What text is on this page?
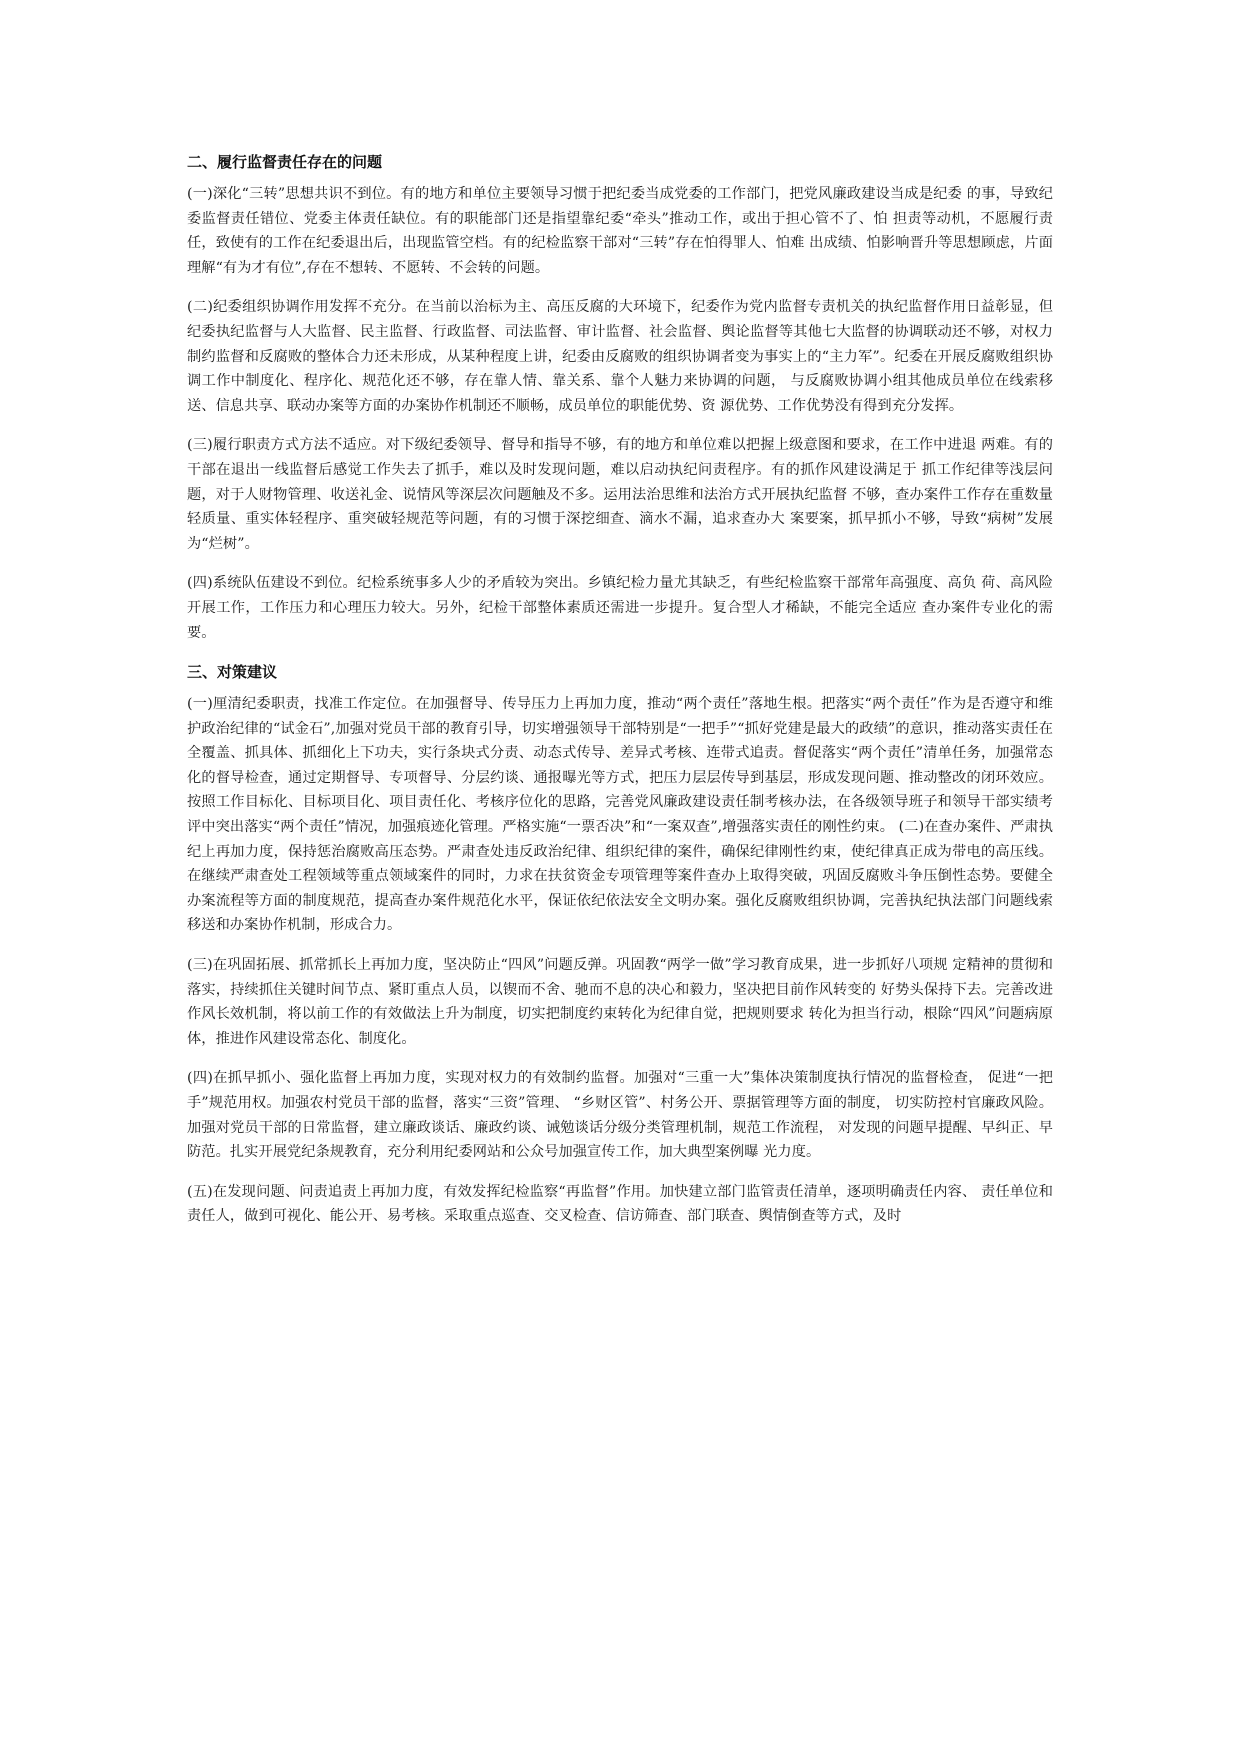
二、履行监督责任存在的问题

(一)深化“三转”思想共识不到位。有的地方和单位主要领导习惯于把纪委当成党委的工作部门，把党风廉政建设当成是纪委 的事，导致纪委监督责任错位、党委主体责任缺位。有的职能部门还是指望靠纪委“牵头”推动工作，或出于担心管不了、怕 担责等动机，不愿履行责任，致使有的工作在纪委退出后，出现监管空档。有的纪检监察干部对“三转”存在怕得罪人、怕难 出成绩、怕影响晋升等思想顾虑，片面理解“有为才有位”,存在不想转、不愿转、不会转的问题。

(二)纪委组织协调作用发挥不充分。在当前以治标为主、高压反腐的大环境下，纪委作为党内监督专责机关的执纪监督作用日益彰显，但纪委执纪监督与人大监督、民主监督、行政监督、司法监督、审计监督、社会监督、舆论监督等其他七大监督的协调联动还不够，对权力制约监督和反腐败的整体合力还未形成，从某种程度上讲，纪委由反腐败的组织协调者变为事实上的“主力军”。纪委在开展反腐败组织协调工作中制度化、程序化、规范化还不够，存在靠人情、靠关系、靠个人魅力来协调的问题， 与反腐败协调小组其他成员单位在线索移送、信息共享、联动办案等方面的办案协作机制还不顺畅，成员单位的职能优势、资 源优势、工作优势没有得到充分发挥。

(三)履行职责方式方法不适应。对下级纪委领导、督导和指导不够，有的地方和单位难以把握上级意图和要求，在工作中进退 两难。有的干部在退出一线监督后感觉工作失去了抓手，难以及时发现问题，难以启动执纪问责程序。有的抓作风建设满足于 抓工作纪律等浅层问题，对于人财物管理、收送礼金、说情风等深层次问题触及不多。运用法治思维和法治方式开展执纪监督 不够，查办案件工作存在重数量轻质量、重实体轻程序、重突破轻规范等问题，有的习惯于深挖细查、滴水不漏，追求查办大 案要案，抓早抓小不够，导致“病树”发展为“烂树”。

(四)系统队伍建设不到位。纪检系统事多人少的矛盾较为突出。乡镇纪检力量尤其缺乏，有些纪检监察干部常年高强度、高负 荷、高风险开展工作，工作压力和心理压力较大。另外，纪检干部整体素质还需进一步提升。复合型人才稀缺，不能完全适应 查办案件专业化的需要。

三、对策建议

(一)厘清纪委职责，找准工作定位。在加强督导、传导压力上再加力度，推动“两个责任”落地生根。把落实“两个责任”作为是否遵守和维护政治纪律的“试金石”,加强对党员干部的教育引导，切实增强领导干部特别是“一把手”“抓好党建是最大的政绩”的意识，推动落实责任在全覆盖、抓具体、抓细化上下功夫，实行条块式分责、动态式传导、差异式考核、连带式追责。督促落实“两个责任”清单任务，加强常态化的督导检查，通过定期督导、专项督导、分层约谈、通报曝光等方式，把压力层层传导到基层，形成发现问题、推动整改的闭环效应。按照工作目标化、目标项目化、项目责任化、考核序位化的思路，完善党风廉政建设责任制考核办法，在各级领导班子和领导干部实绩考评中突出落实“两个责任”情况，加强痕迹化管理。严格实施“一票否决”和“一案双查”,增强落实责任的刚性约束。 (二)在查办案件、严肃执纪上再加力度，保持惩治腐败高压态势。严肃查处违反政治纪律、组织纪律的案件，确保纪律刚性约束，使纪律真正成为带电的高压线。在继续严肃查处工程领域等重点领域案件的同时，力求在扶贫资金专项管理等案件查办上取得突破，巩固反腐败斗争压倒性态势。要健全办案流程等方面的制度规范，提高查办案件规范化水平，保证依纪依法安全文明办案。强化反腐败组织协调，完善执纪执法部门问题线索移送和办案协作机制，形成合力。

(三)在巩固拓展、抓常抓长上再加力度，坚决防止“四风”问题反弹。巩固教“两学一做”学习教育成果，进一步抓好八项规 定精神的贯彻和落实，持续抓住关键时间节点、紧盯重点人员，以锲而不舍、驰而不息的决心和毅力，坚决把目前作风转变的 好势头保持下去。完善改进作风长效机制，将以前工作的有效做法上升为制度，切实把制度约束转化为纪律自觉，把规则要求 转化为担当行动，根除“四风”问题病原体，推进作风建设常态化、制度化。

(四)在抓早抓小、强化监督上再加力度，实现对权力的有效制约监督。加强对“三重一大”集体决策制度执行情况的监督检查， 促进“一把手”规范用权。加强农村党员干部的监督，落实“三资”管理、 “乡财区管”、村务公开、票据管理等方面的制度， 切实防控村官廉政风险。加强对党员干部的日常监督，建立廉政谈话、廉政约谈、诫勉谈话分级分类管理机制，规范工作流程， 对发现的问题早提醒、早纠正、早防范。扎实开展党纪条规教育，充分利用纪委网站和公众号加强宣传工作，加大典型案例曝 光力度。

(五)在发现问题、问责追责上再加力度，有效发挥纪检监察“再监督”作用。加快建立部门监管责任清单，逐项明确责任内容、 责任单位和责任人，做到可视化、能公开、易考核。采取重点巡查、交叉检查、信访筛查、部门联查、舆情倒查等方式，及时
